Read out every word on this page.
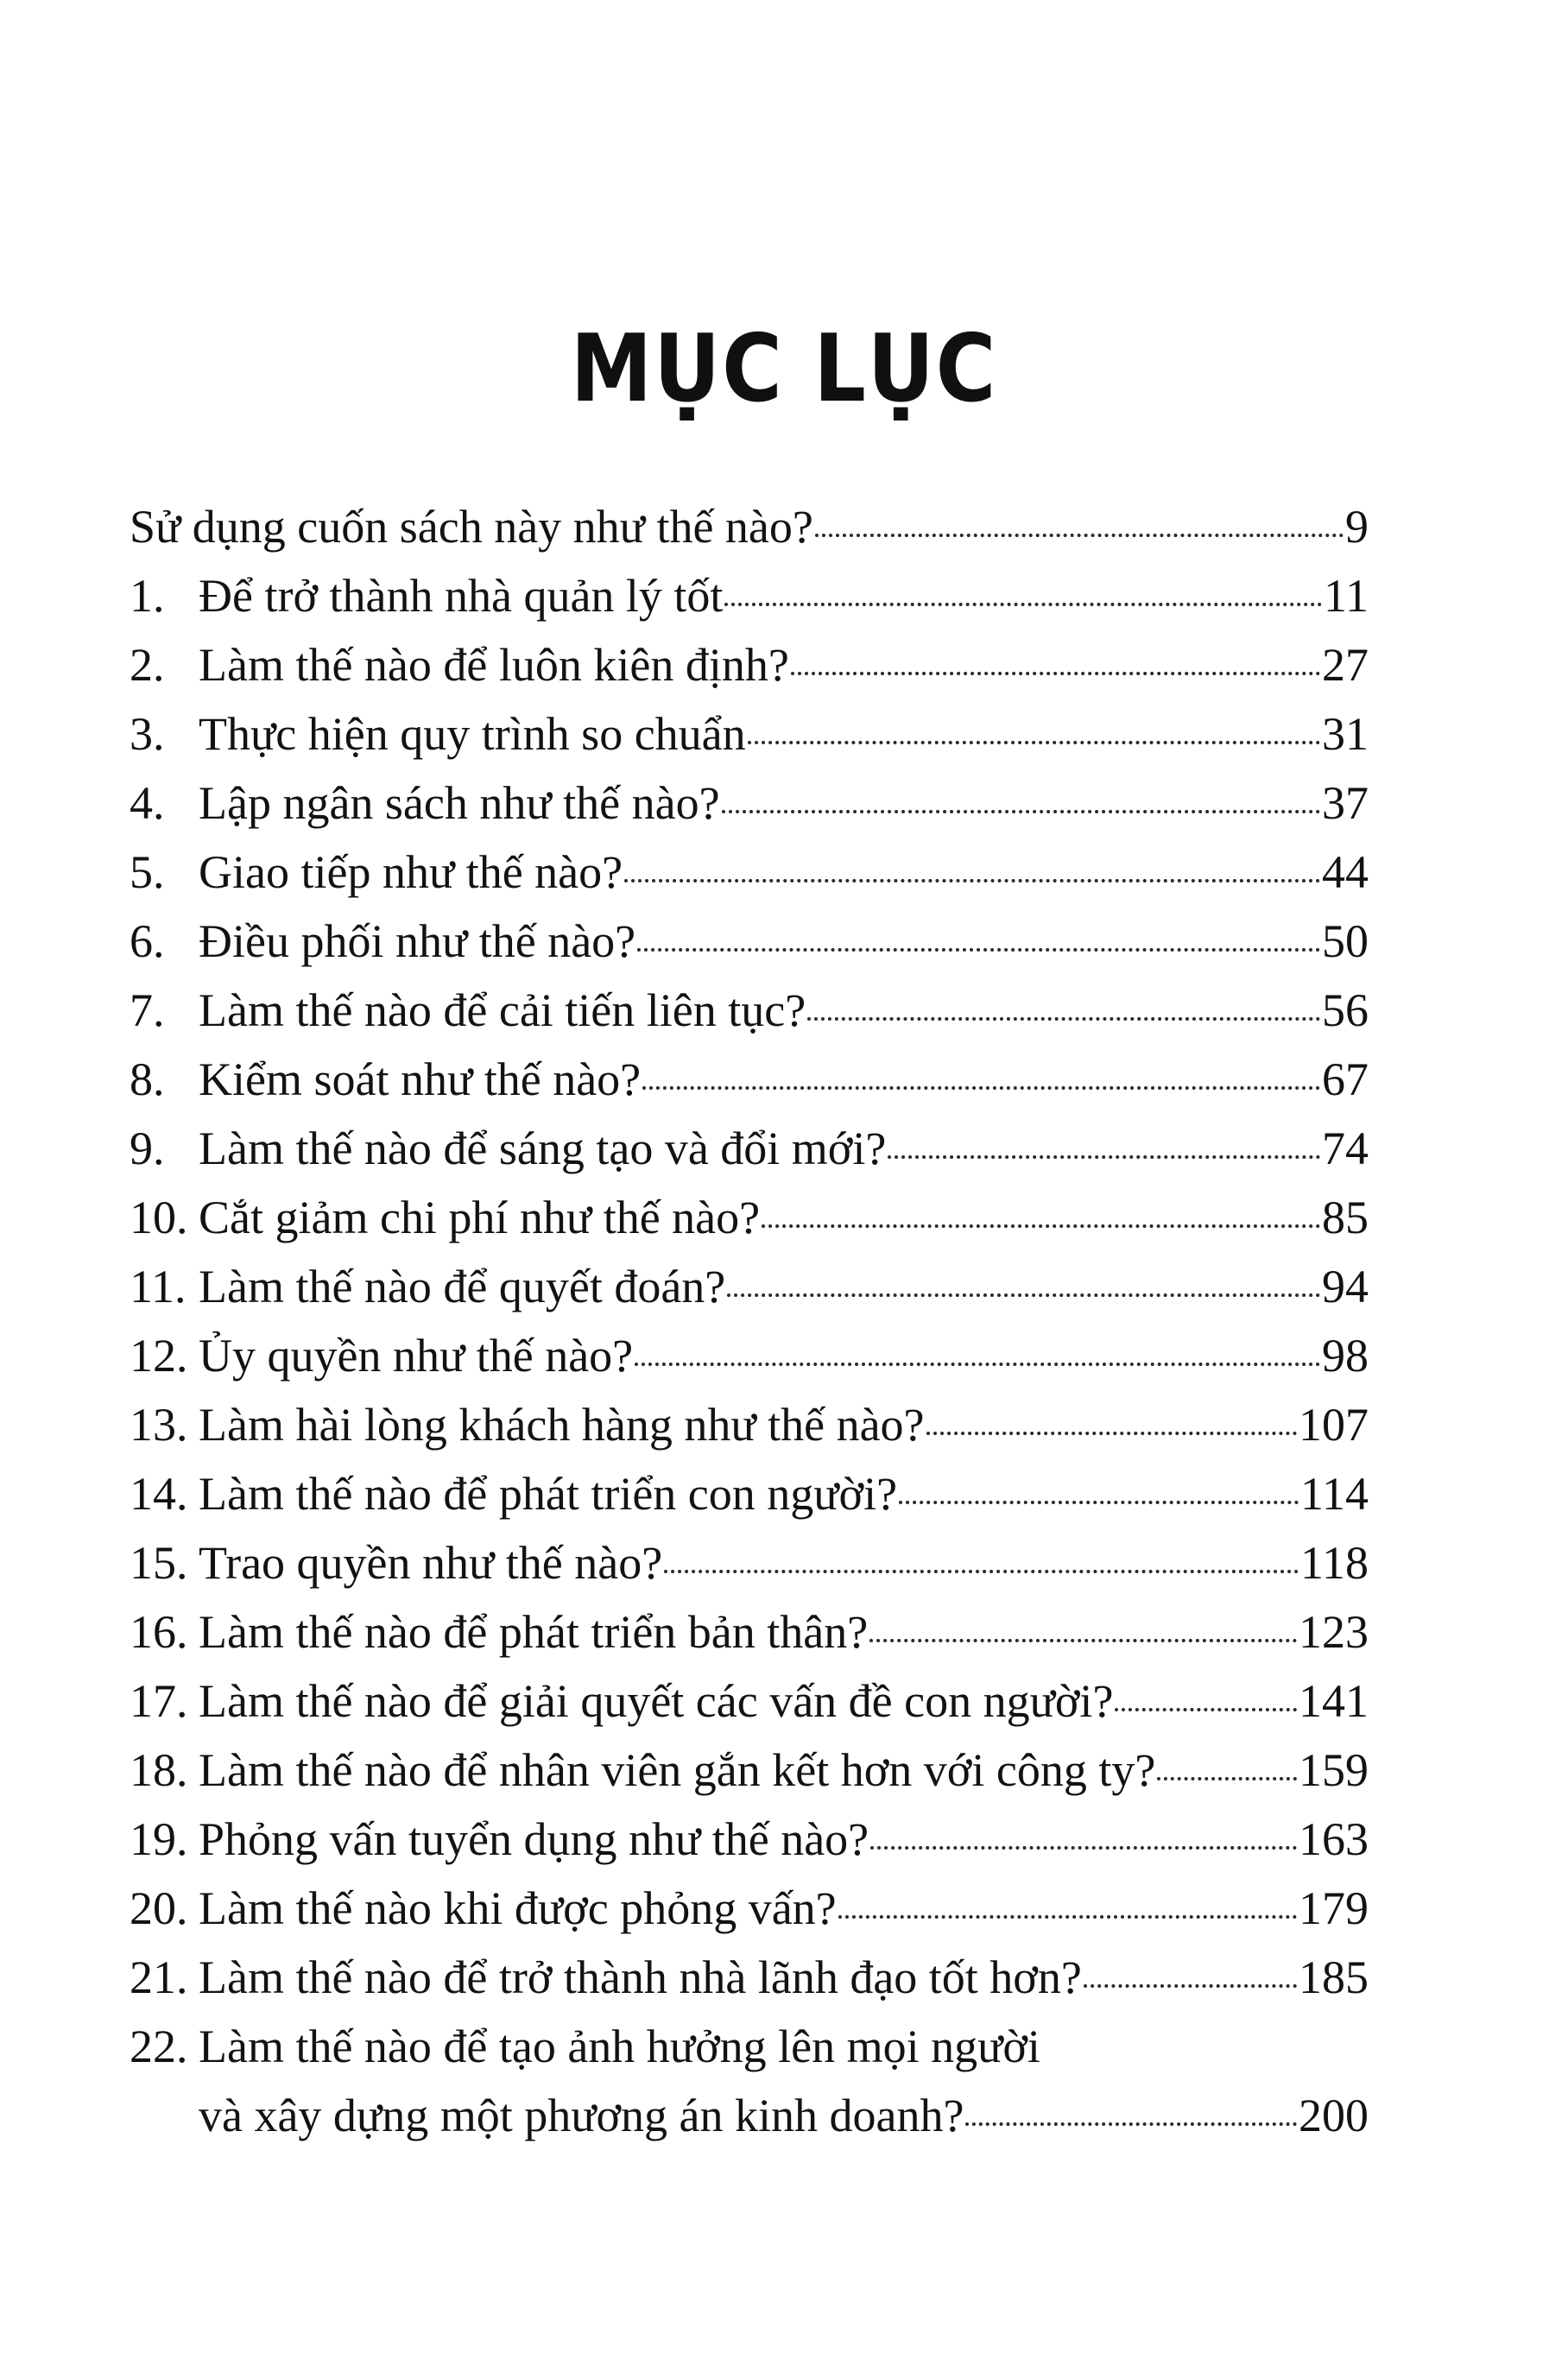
MỤC LỤC
Sử dụng cuốn sách này như thế nào?	9
1. Để trở thành nhà quản lý tốt	11
2. Làm thế nào để luôn kiên định?	27
3. Thực hiện quy trình so chuẩn	31
4. Lập ngân sách như thế nào?	37
5. Giao tiếp như thế nào?	44
6. Điều phối như thế nào?	50
7. Làm thế nào để cải tiến liên tục?	56
8. Kiểm soát như thế nào?	67
9. Làm thế nào để sáng tạo và đổi mới?	74
10. Cắt giảm chi phí như thế nào?	85
11. Làm thế nào để quyết đoán?	94
12. Ủy quyền như thế nào?	98
13. Làm hài lòng khách hàng như thế nào?	107
14. Làm thế nào để phát triển con người?	114
15. Trao quyền như thế nào?	118
16. Làm thế nào để phát triển bản thân?	123
17. Làm thế nào để giải quyết các vấn đề con người?	141
18. Làm thế nào để nhân viên gắn kết hơn với công ty?	159
19. Phỏng vấn tuyển dụng như thế nào?	163
20. Làm thế nào khi được phỏng vấn?	179
21. Làm thế nào để trở thành nhà lãnh đạo tốt hơn?	185
22. Làm thế nào để tạo ảnh hưởng lên mọi người
và xây dựng một phương án kinh doanh?	200
